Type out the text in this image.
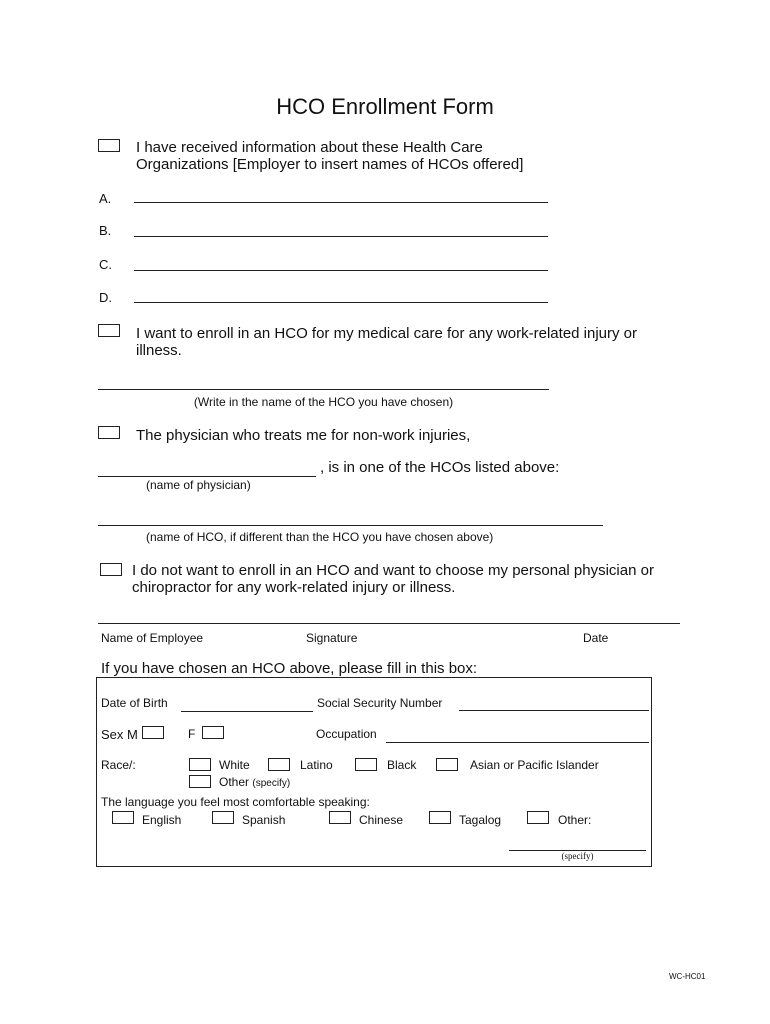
HCO Enrollment Form
I have received information about these Health Care
Organizations [Employer to insert names of HCOs offered]
A.
B.
C.
D.
I want to enroll in an HCO for my medical care for any work-related injury or
illness.
(Write in the name of the HCO you have chosen)
The physician who treats me for non-work injuries,
, is in one of the HCOs listed above:
(name of physician)
(name of HCO, if different than the HCO you have chosen above)
I do not want to enroll in an HCO and want to choose my personal physician or
chiropractor for any work-related injury or illness.
Name of Employee	Signature	Date
If you have chosen an HCO above, please fill in this box:
Date of Birth	Social Security Number
Sex M	F	Occupation
Race/:	White	Latino	Black	Asian or Pacific Islander
Other (specify)
The language you feel most comfortable speaking:
English	Spanish	Chinese	Tagalog	Other:
(specify)
WC-HC01
